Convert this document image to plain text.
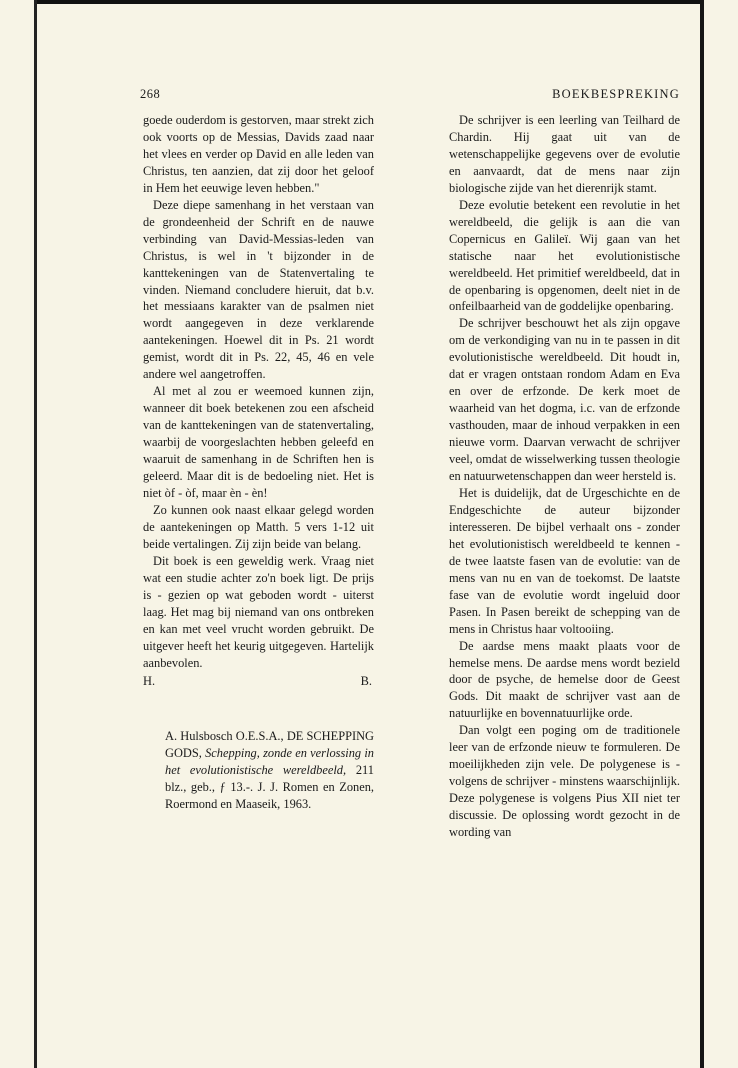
268	BOEKBESPREKING

goede ouderdom is gestorven, maar strekt zich ook voorts op de Messias, Davids zaad naar het vlees en verder op David en alle leden van Christus, ten aanzien, dat zij door het geloof in Hem het eeuwige leven hebben."

Deze diepe samenhang in het verstaan van de grondeenheid der Schrift en de nauwe verbinding van David-Messias-leden van Christus, is wel in 't bijzonder in de kanttekeningen van de Statenvertaling te vinden. Niemand concludere hieruit, dat b.v. het messiaans karakter van de psalmen niet wordt aangegeven in deze verklarende aantekeningen. Hoewel dit in Ps. 21 wordt gemist, wordt dit in Ps. 22, 45, 46 en vele andere wel aangetroffen.

Al met al zou er weemoed kunnen zijn, wanneer dit boek betekenen zou een afscheid van de kanttekeningen van de statenvertaling, waarbij de voorgeslachten hebben geleefd en waaruit de samenhang in de Schriften hen is geleerd. Maar dit is de bedoeling niet. Het is niet òf - òf, maar èn - èn!

Zo kunnen ook naast elkaar gelegd worden de aantekeningen op Matth. 5 vers 1-12 uit beide vertalingen. Zij zijn beide van belang.

Dit boek is een geweldig werk. Vraag niet wat een studie achter zo'n boek ligt. De prijs is - gezien op wat geboden wordt - uiterst laag. Het mag bij niemand van ons ontbreken en kan met veel vrucht worden gebruikt. De uitgever heeft het keurig uitgegeven. Hartelijk aanbevolen.

H.	B.
A. Hulsbosch O.E.S.A., DE SCHEPPING GODS, Schepping, zonde en verlossing in het evolutionistische wereldbeeld, 211 blz., geb., ƒ 13.-. J. J. Romen en Zonen, Roermond en Maaseik, 1963.

De schrijver is een leerling van Teilhard de Chardin. Hij gaat uit van de wetenschappelijke gegevens over de evolutie en aanvaardt, dat de mens naar zijn biologische zijde van het dierenrijk stamt.

Deze evolutie betekent een revolutie in het wereldbeeld, die gelijk is aan die van Copernicus en Galileï. Wij gaan van het statische naar het evolutionistische wereldbeeld. Het primitief wereldbeeld, dat in de openbaring is opgenomen, deelt niet in de onfeilbaarheid van de goddelijke openbaring.

De schrijver beschouwt het als zijn opgave om de verkondiging van nu in te passen in dit evolutionistische wereldbeeld. Dit houdt in, dat er vragen ontstaan rondom Adam en Eva en over de erfzonde. De kerk moet de waarheid van het dogma, i.c. van de erfzonde vasthouden, maar de inhoud verpakken in een nieuwe vorm. Daarvan verwacht de schrijver veel, omdat de wisselwerking tussen theologie en natuurwetenschappen dan weer hersteld is.

Het is duidelijk, dat de Urgeschichte en de Endgeschichte de auteur bijzonder interesseren. De bijbel verhaalt ons - zonder het evolutionistisch wereldbeeld te kennen - de twee laatste fasen van de evolutie: van de mens van nu en van de toekomst. De laatste fase van de evolutie wordt ingeluid door Pasen. In Pasen bereikt de schepping van de mens in Christus haar voltooiing.

De aardse mens maakt plaats voor de hemelse mens. De aardse mens wordt bezield door de psyche, de hemelse door de Geest Gods. Dit maakt de schrijver vast aan de natuurlijke en bovennatuurlijke orde.

Dan volgt een poging om de traditionele leer van de erfzonde nieuw te formuleren. De moeilijkheden zijn vele. De polygenese is - volgens de schrijver - minstens waarschijnlijk. Deze polygenese is volgens Pius XII niet ter discussie. De oplossing wordt gezocht in de wording van
